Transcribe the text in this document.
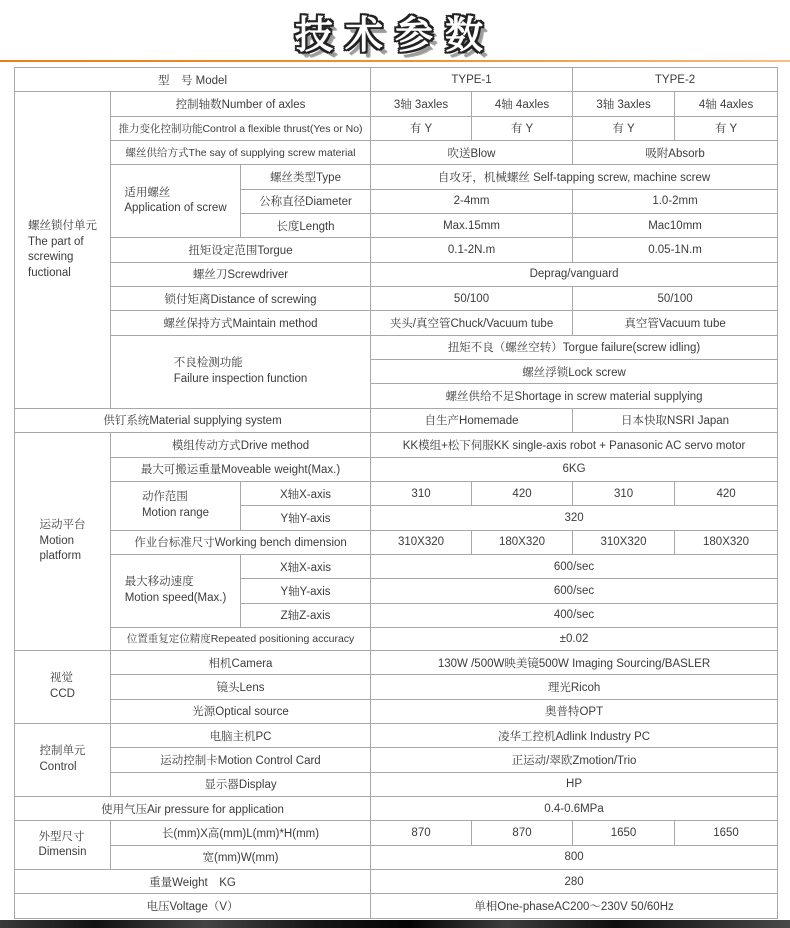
技术参数
型　号 Model			TYPE-1		TYPE-2	

螺丝锁付单元
The part of
screwing
fuctional	控制轴数Number of axles		3轴 3axles	4轴 4axles	3轴 3axles	4轴 4axles
	推力变化控制功能Control a flexible thrust(Yes or No)		有 Y	有 Y	有 Y	有 Y
	螺丝供给方式The say of supplying screw material		吹送Blow		吸附Absorb	

	适用螺丝
Application of screw	螺丝类型Type	自攻牙，机械螺丝 Self-tapping screw, machine screw			
		公称直径Diameter	2-4mm		1.0-2mm	
		长度Length	Max.15mm		Mac10mm	
	扭矩设定范围Torgue		0.1-2N.m		0.05-1N.m	
	螺丝刀Screwdriver		Deprag/vanguard			
	锁付矩离Distance of screwing		50/100		50/100	
	螺丝保持方式Maintain method		夹头/真空管Chuck/Vacuum tube		真空管Vacuum tube	

	不良检测功能
Failure inspection function		扭矩不良（螺丝空转）Torgue failure(screw idling)			
			螺丝浮锁Lock screw			
			螺丝供给不足Shortage in screw material supplying			
供钉系统Material supplying system			自生产Homemade		日本快取NSRI Japan	

运动平台
Motion
platform	模组传动方式Drive method		KK模组+松下伺服KK single-axis robot + Panasonic AC servo motor			
	最大可搬运重量Moveable weight(Max.)		6KG			

	动作范围
Motion range	X轴X-axis	310	420	310	420
		Y轴Y-axis	320			
	作业台标准尺寸Working bench dimension		310X320	180X320	310X320	180X320

	最大移动速度
Motion speed(Max.)	X轴X-axis	600/sec			
		Y轴Y-axis	600/sec			
		Z轴Z-axis	400/sec			
	位置重复定位精度Repeated positioning accuracy		±0.02			

视觉
CCD	相机Camera		130W /500W映美镜500W Imaging Sourcing/BASLER			
	镜头Lens		理光Ricoh			
	光源Optical source		奥普特OPT			

控制单元
Control	电脑主机PC		凌华工控机Adlink Industry PC			
	运动控制卡Motion Control Card		正运动/翠欧Zmotion/Trio			
	显示器Display		HP			
使用气压Air pressure for application			0.4-0.6MPa			

外型尺寸
Dimensin	长(mm)X高(mm)L(mm)*H(mm)		870	870	1650	1650
	宽(mm)W(mm)		800			
重量Weight　KG			280			
电压Voltage（V）			单相One-phaseAC200～230V 50/60Hz			
